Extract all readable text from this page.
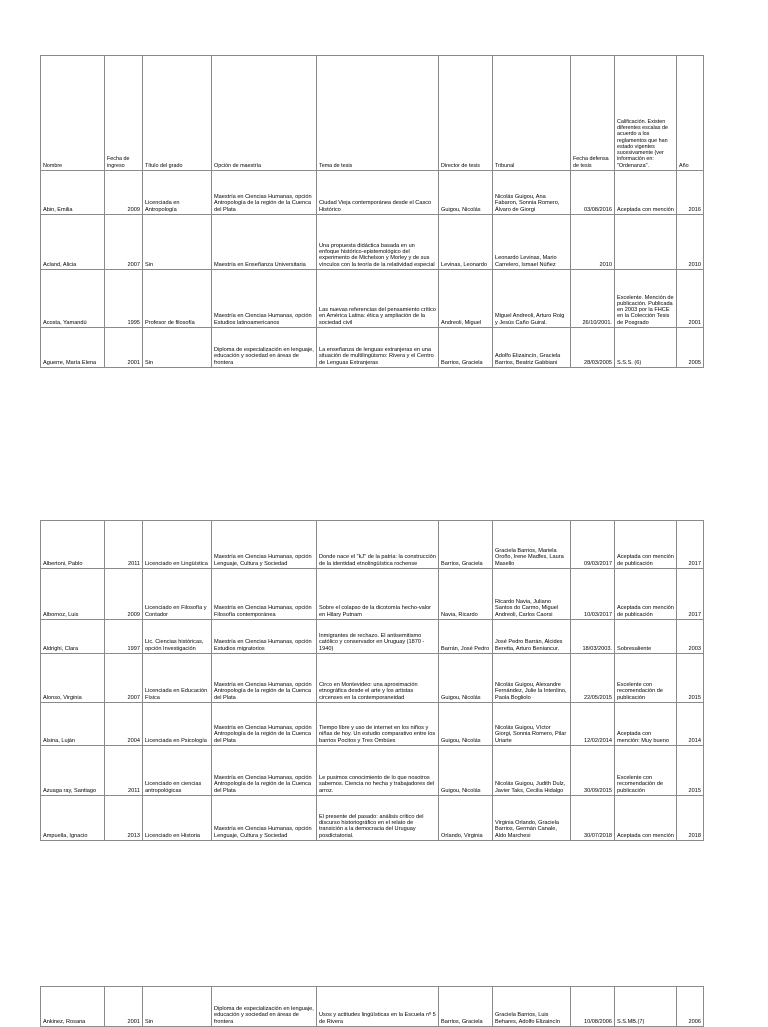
Nombre	Fecha de ingreso	Título del grado	Opción de maestría	Tema de tesis	Director de tesis	Tribunal	Fecha defensa de tesis	Calificación. Existen diferentes escalas de acuerdo a los reglamentos que han estado vigentes sucesivamente (ver información en: "Ordenanza".	Año
Abin, Emilia	2009	Licenciada en Antropología	Maestría en Ciencias Humanas, opción Antropología de la región de la Cuenca del Plata	Ciudad Vieja contemporánea desde el Casco Histórico	Guigou, Nicolás	Nicolás Guigou, Ana Fabaron, Sonnia Romero, Álvaro de Giorgi	03/08/2016	Aceptada con mención	2016
Acland, Alicia	2007	Sin	Maestría en Enseñanza Universitaria	Una propuesta didáctica basada en un enfoque histórico-epistemológico del experimento de Michelson y Morley y de sus vínculos con la teoría de la relatividad especial	Levinas, Leonardo	Leonardo Levinas, Mario Carrelero, Ismael Núñez	2010		2010
Acosta, Yamandú	1995	Profesor de filosofía	Maestría en Ciencias Humanas, opción Estudios latinoamericanos	Las nuevas referencias del pensamiento crítico en América Latina: ética y ampliación de la sociedad civil	Andreoli, Miguel	Miguel Andreoli, Arturo Roig y Jesús Caño Guiral.	26/10/2001.	Excelente. Mención de publicación. Publicada en 2003 por la FHCE en la Colección Tesis de Posgrado	2001
Aguerre, María Elena	2001	Sin	Diploma de especialización en lenguaje, educación y sociedad en áreas de frontera	La enseñanza de lenguas extranjeras en una situación de multilingüismo: Rivera y el Centro de Lenguas Extranjeras	Barrios, Graciela	Adolfo Elizaincín, Graciela Barrios, Beatriz Gabbiani	28/03/2005	S.S.S. (6)	2005
Albertoni, Pablo	2011	Licenciado en Lingüística	Maestría en Ciencias Humanas, opción Lenguaje, Cultura y Sociedad	Donde nace el "kJ" de la patria: la construcción de la identidad etnolingüística rochense	Barrios, Graciela	Graciela Barrios, Mariela Oroño, Irene Madfes, Laura Masello	09/03/2017	Aceptada con mención de publicación	2017
Albornoz, Luis	2009	Licenciado en Filosofía y Contador	Maestría en Ciencias Humanas, opción Filosofía contemporánea	Sobre el colapso de la dicotomía hecho-valor en Hilary Putnam	Navia, Ricardo	Ricardo Navia, Juliano Santos do Carmo, Miguel Andreoli, Carlos Caorsi	10/03/2017	Aceptada con mención de publicación	2017
Aldrighi, Clara	1997	Lic. Ciencias históricas, opción Investigación	Maestría en Ciencias Humanas, opción Estudios migratorios	Inmigrantes de rechazo. El antisemitismo católico y conservador en Uruguay (1870 - 1940)	Barrán, José Pedro	José Pedro Barrán, Alcides Beretta, Arturo Beniancur.	18/03/2003.	Sobresaliente	2003
Alonso, Virginia	2007	Licenciada en Educación Física	Maestría en Ciencias Humanas, opción Antropología de la región de la Cuenca del Plata	Circo en Montevideo: una aproximación etnográfica desde el arte y los artistas circenses en la contemporaneidad	Guigou, Nicolás	Nicolás Guigou, Alexandre Fernández, Julie la Intenlino, Paola Bogliolo	22/05/2015	Excelente con recomendación de publicación	2015
Alsina, Luján	2004	Licenciada en Psicología	Maestría en Ciencias Humanas, opción Antropología de la región de la Cuenca del Plata	Tiempo libre y uso de internet en los niños y niñas de hoy. Un estudio comparativo entre los barrios Pocitos y Tres Ombúes	Guigou, Nicolás	Nicolás Guigou, Víctor Giorgi, Sonnia Romero, Pilar Uriarte	12/02/2014	Aceptada con mención: Muy bueno	2014
Azuaga ray, Santiago	2011	Licenciado en ciencias antropológicas	Maestría en Ciencias Humanas, opción Antropología de la región de la Cuenca del Plata	Le pusimos conocimiento de lo que nosotros sabemos. Ciencia no hecha y trabajadores del arroz.	Guigou, Nicolás	Nicolás Guigou, Judith Dulz, Javier Taks, Cecilia Hidalgo	30/09/2015	Excelente con recomendación de publicación	2015
Ampuella, Ignacio	2013	Licenciado en Historia	Maestría en Ciencias Humanas, opción Lenguaje, Cultura y Sociedad	El presente del pasado: análisis crítico del discurso historiográfico en el relato de transición a la democracia del Uruguay posdictatorial.	Orlando, Virginia	Virginia Orlando, Graciela Barrios, Germán Canale, Aldo Marchesi	30/07/2018	Aceptada con mención	2018
Ankinez, Rosana	2001	Sin	Diploma de especialización en lenguaje, educación y sociedad en áreas de frontera	Usos y actitudes lingüísticas en la Escuela nº 5 de Rivera	Barrios, Graciela	Graciela Barrios, Luis Behares, Adolfo Elizaincín	10/08/2006	S.S.MB.(7)	2006
